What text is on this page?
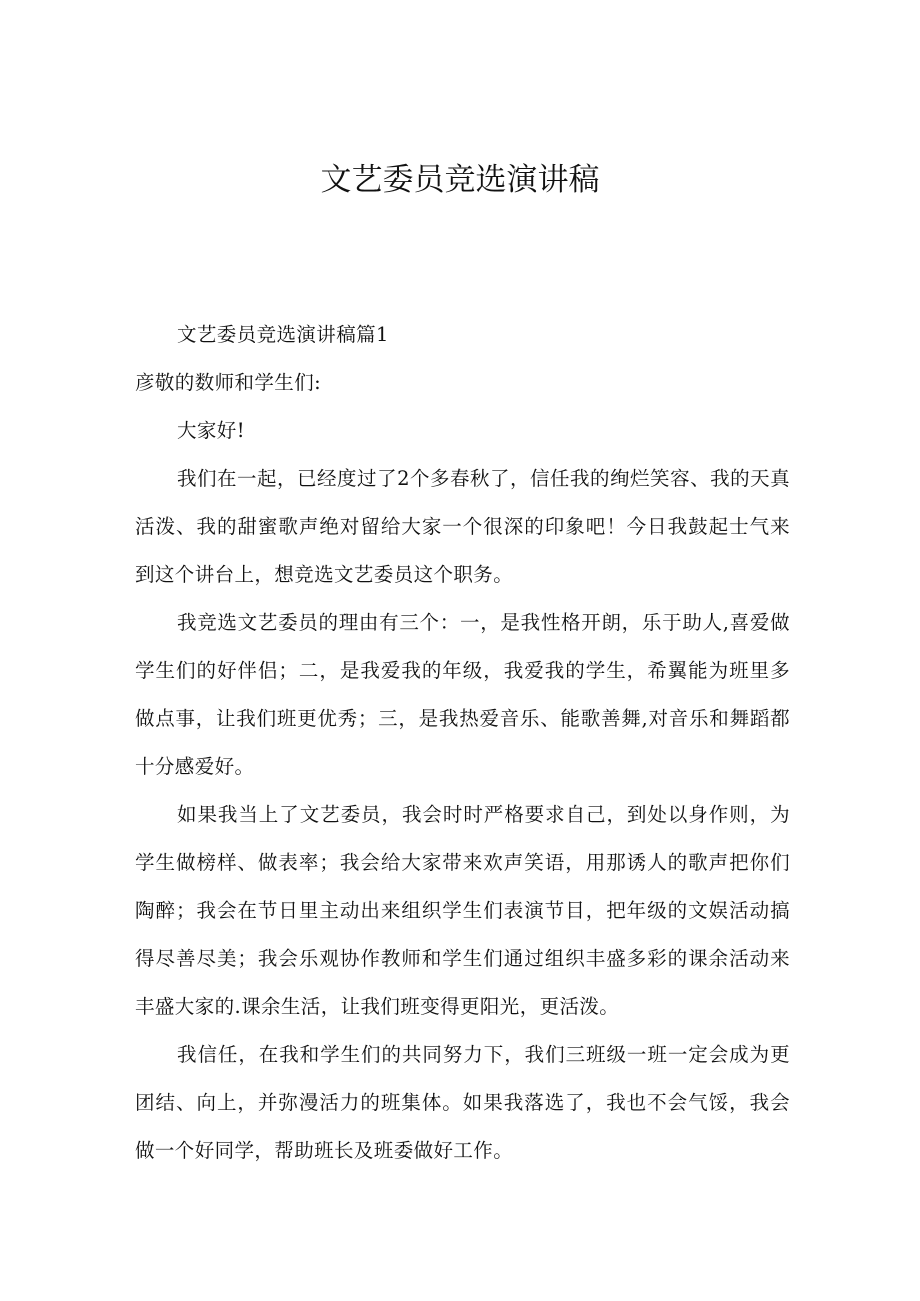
文艺委员竞选演讲稿

文艺委员竞选演讲稿篇1

彦敬的数师和学生们:

大家好!

我们在一起，已经度过了2个多春秋了，信任我的绚烂笑容、我的天真活泼、我的甜蜜歌声绝对留给大家一个很深的印象吧！今日我鼓起士气来到这个讲台上，想竞选文艺委员这个职务。

我竞选文艺委员的理由有三个：一，是我性格开朗，乐于助人,喜爱做学生们的好伴侣；二，是我爱我的年级，我爱我的学生，希翼能为班里多做点事，让我们班更优秀；三，是我热爱音乐、能歌善舞,对音乐和舞蹈都十分感爱好。

如果我当上了文艺委员，我会时时严格要求自己，到处以身作则，为学生做榜样、做表率；我会给大家带来欢声笑语，用那诱人的歌声把你们陶醉；我会在节日里主动出来组织学生们表演节目，把年级的文娱活动搞得尽善尽美；我会乐观协作教师和学生们通过组织丰盛多彩的课余活动来丰盛大家的.课余生活，让我们班变得更阳光，更活泼。

我信任，在我和学生们的共同努力下，我们三班级一班一定会成为更团结、向上，并弥漫活力的班集体。如果我落选了，我也不会气馁，我会做一个好同学，帮助班长及班委做好工作。
